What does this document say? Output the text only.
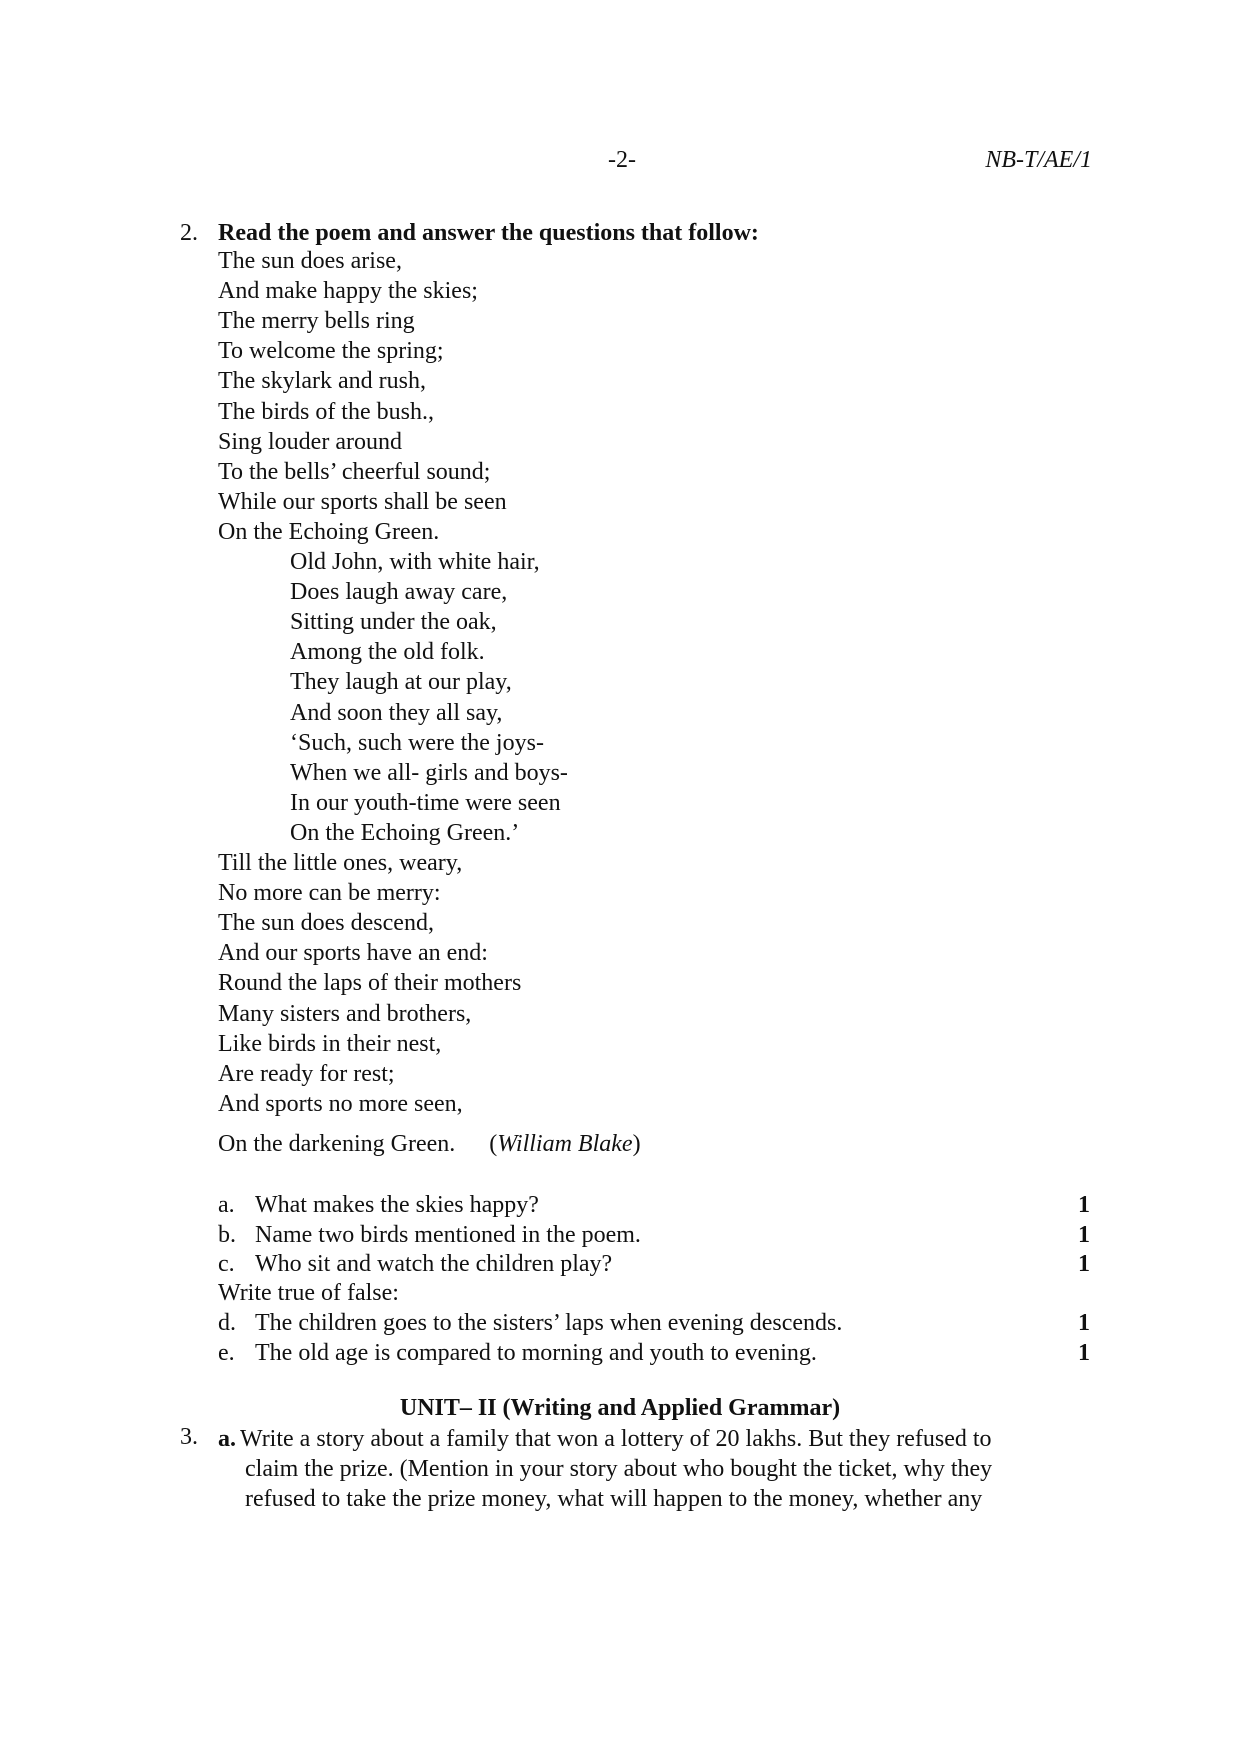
-2-	NB-T/AE/1
2. Read the poem and answer the questions that follow:
The sun does arise,
And make happy the skies;
The merry bells ring
To welcome the spring;
The skylark and rush,
The birds of the bush.,
Sing louder around
To the bells’ cheerful sound;
While our sports shall be seen
On the Echoing Green.
Old John, with white hair,
Does laugh away care,
Sitting under the oak,
Among the old folk.
They laugh at our play,
And soon they all say,
‘Such, such were the joys-
When we all- girls and boys-
In our youth-time were seen
On the Echoing Green.’
Till the little ones, weary,
No more can be merry:
The sun does descend,
And our sports have an end:
Round the laps of their mothers
Many sisters and brothers,
Like birds in their nest,
Are ready for rest;
And sports no more seen,
On the darkening Green. (William Blake)
a. What makes the skies happy?	1
b. Name two birds mentioned in the poem.	1
c. Who sit and watch the children play?	1
Write true of false:
d. The children goes to the sisters’ laps when evening descends.	1
e. The old age is compared to morning and youth to evening.	1
UNIT– II (Writing and Applied Grammar)
3. a. Write a story about a family that won a lottery of 20 lakhs. But they refused to
claim the prize. (Mention in your story about who bought the ticket, why they
refused to take the prize money, what will happen to the money, whether any
